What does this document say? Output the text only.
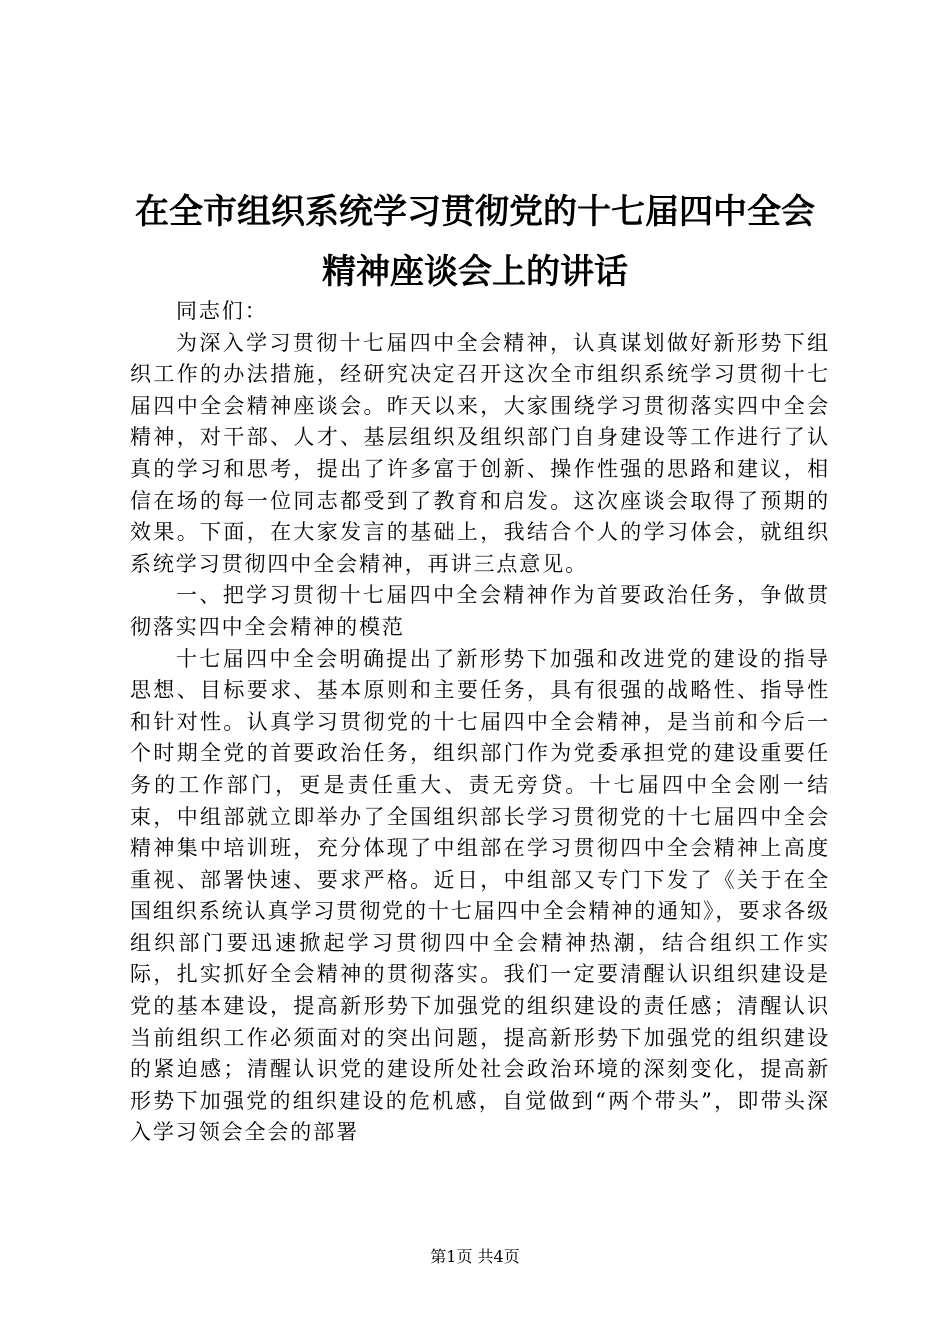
在全市组织系统学习贯彻党的十七届四中全会
精神座谈会上的讲话

同志们：

为深入学习贯彻十七届四中全会精神，认真谋划做好新形势下组织工作的办法措施，经研究决定召开这次全市组织系统学习贯彻十七届四中全会精神座谈会。昨天以来，大家围绕学习贯彻落实四中全会精神，对干部、人才、基层组织及组织部门自身建设等工作进行了认真的学习和思考，提出了许多富于创新、操作性强的思路和建议，相信在场的每一位同志都受到了教育和启发。这次座谈会取得了预期的效果。下面，在大家发言的基础上，我结合个人的学习体会，就组织系统学习贯彻四中全会精神，再讲三点意见。

一、把学习贯彻十七届四中全会精神作为首要政治任务，争做贯彻落实四中全会精神的模范

十七届四中全会明确提出了新形势下加强和改进党的建设的指导思想、目标要求、基本原则和主要任务，具有很强的战略性、指导性和针对性。认真学习贯彻党的十七届四中全会精神，是当前和今后一个时期全党的首要政治任务，组织部门作为党委承担党的建设重要任务的工作部门，更是责任重大、责无旁贷。十七届四中全会刚一结束，中组部就立即举办了全国组织部长学习贯彻党的十七届四中全会精神集中培训班，充分体现了中组部在学习贯彻四中全会精神上高度重视、部署快速、要求严格。近日，中组部又专门下发了《关于在全国组织系统认真学习贯彻党的十七届四中全会精神的通知》，要求各级组织部门要迅速掀起学习贯彻四中全会精神热潮，结合组织工作实际，扎实抓好全会精神的贯彻落实。我们一定要清醒认识组织建设是党的基本建设，提高新形势下加强党的组织建设的责任感；清醒认识当前组织工作必须面对的突出问题，提高新形势下加强党的组织建设的紧迫感；清醒认识党的建设所处社会政治环境的深刻变化，提高新形势下加强党的组织建设的危机感，自觉做到“两个带头”，即带头深入学习领会全会的部署

第1页 共4页
